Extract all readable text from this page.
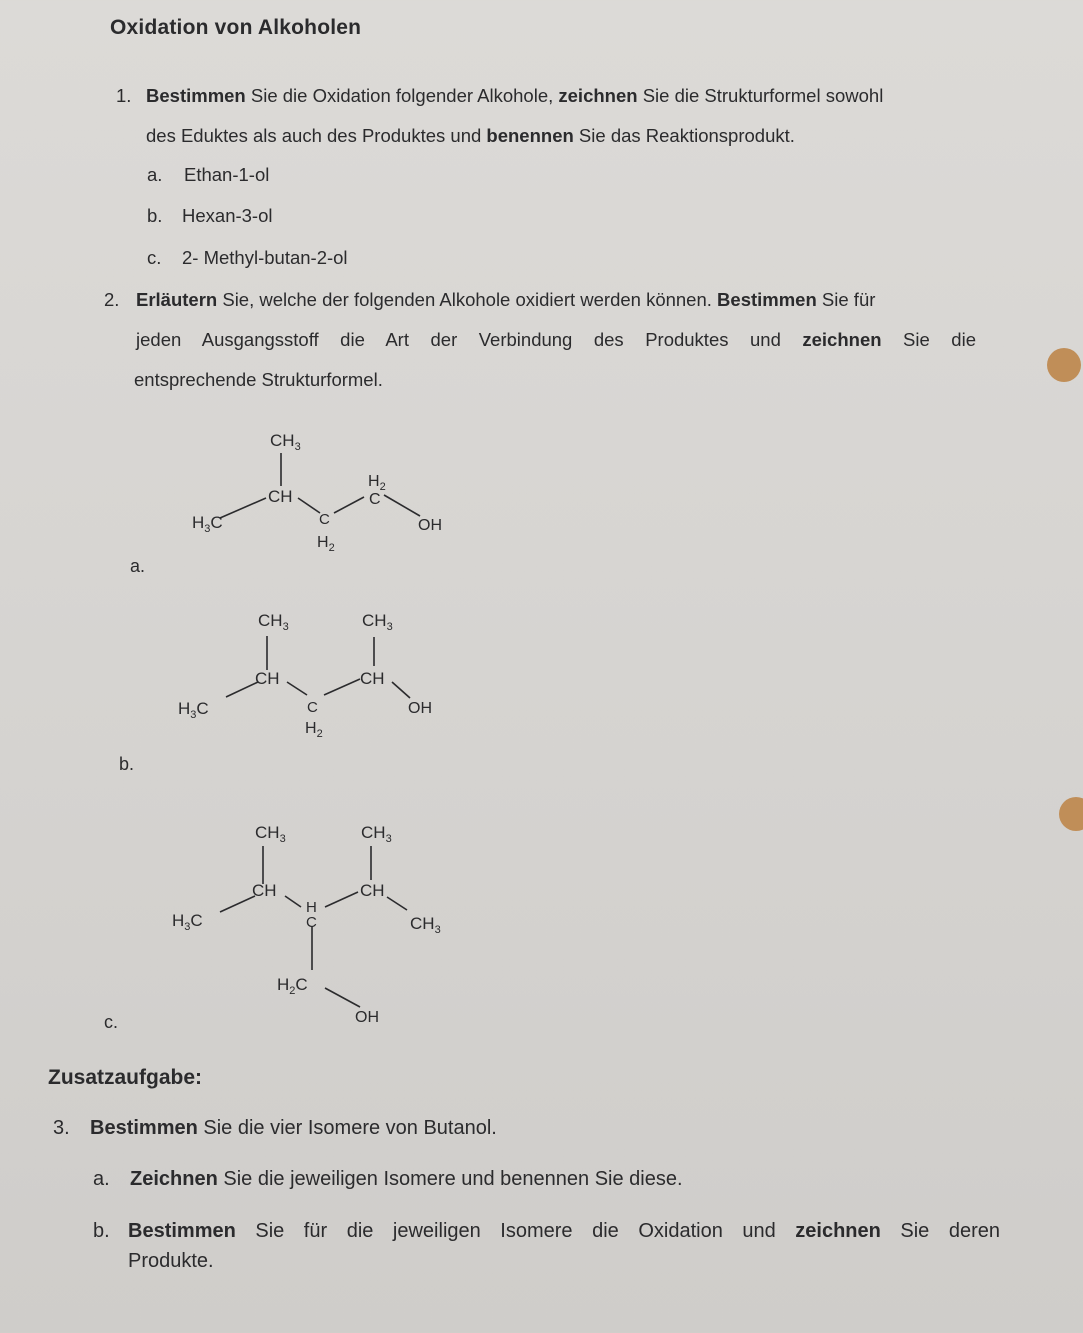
Oxidation von Alkoholen
1. Bestimmen Sie die Oxidation folgender Alkohole, zeichnen Sie die Strukturformel sowohl
des Eduktes als auch des Produktes und benennen Sie das Reaktionsprodukt.
a. Ethan-1-ol
b. Hexan-3-ol
c. 2- Methyl-butan-2-ol
2. Erläutern Sie, welche der folgenden Alkohole oxidiert werden können. Bestimmen Sie für
jeden Ausgangsstoff die Art der Verbindung des Produktes und zeichnen Sie die
entsprechende Strukturformel.
a.
$CH_3$
CH
$H_3C$	C
$H_2$
$H_2$
C
OH
b.
$CH_3$	$CH_3$
CH	CH
$H_3C$	C
$H_2$
OH
c.
$CH_3$	$CH_3$
CH	CH
H
C
$H_3C$	$CH_3$
$H_2C$
OH
Zusatzaufgabe:
3. Bestimmen Sie die vier Isomere von Butanol.
a. Zeichnen Sie die jeweiligen Isomere und benennen Sie diese.
b. Bestimmen Sie für die jeweiligen Isomere die Oxidation und zeichnen Sie deren
Produkte.
